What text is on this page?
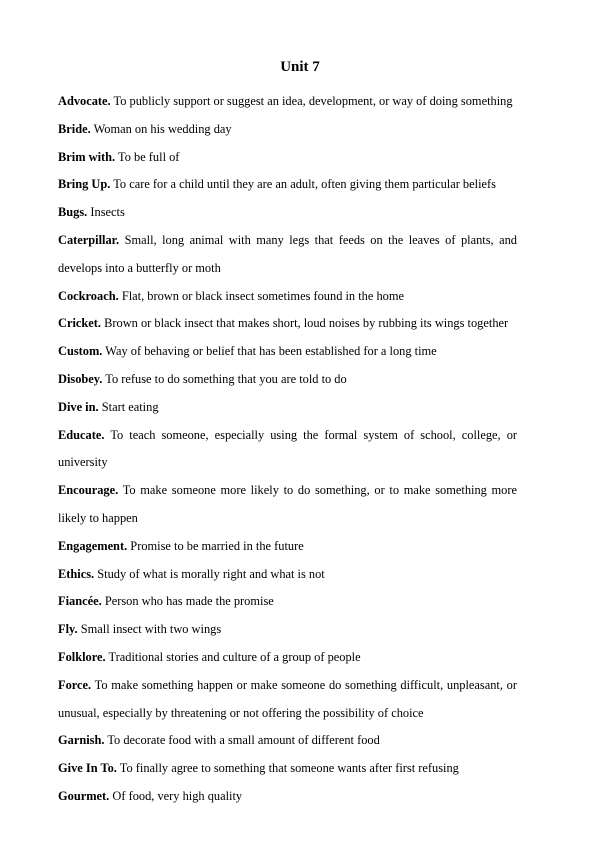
Unit 7

Advocate. To publicly support or suggest an idea, development, or way of doing something

Bride. Woman on his wedding day

Brim with. To be full of

Bring Up. To care for a child until they are an adult, often giving them particular beliefs

Bugs. Insects

Caterpillar. Small, long animal with many legs that feeds on the leaves of plants, and develops into a butterfly or moth

Cockroach. Flat, brown or black insect sometimes found in the home

Cricket. Brown or black insect that makes short, loud noises by rubbing its wings together

Custom. Way of behaving or belief that has been established for a long time

Disobey. To refuse to do something that you are told to do

Dive in. Start eating

Educate. To teach someone, especially using the formal system of school, college, or university

Encourage. To make someone more likely to do something, or to make something more likely to happen

Engagement. Promise to be married in the future

Ethics. Study of what is morally right and what is not

Fiancée. Person who has made the promise

Fly. Small insect with two wings

Folklore. Traditional stories and culture of a group of people

Force. To make something happen or make someone do something difficult, unpleasant, or unusual, especially by threatening or not offering the possibility of choice

Garnish. To decorate food with a small amount of different food

Give In To. To finally agree to something that someone wants after first refusing

Gourmet. Of food, very high quality
